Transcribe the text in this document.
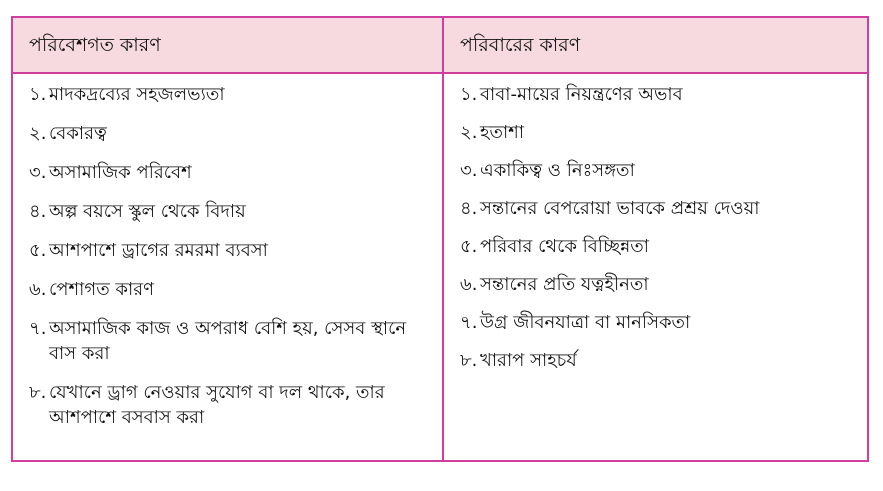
পরিবেশগত কারণ	পরিবারের কারণ
১. মাদকদ্রব্যের সহজলভ্যতা
২. বেকারত্ব
৩. অসামাজিক পরিবেশ
৪. অল্প বয়সে স্কুল থেকে বিদায়
৫. আশপাশে ড্রাগের রমরমা ব্যবসা
৬. পেশাগত কারণ
৭. অসামাজিক কাজ ও অপরাধ বেশি হয়, সেসব স্থানে বাস করা
৮. যেখানে ড্রাগ নেওয়ার সুযোগ বা দল থাকে, তার আশপাশে বসবাস করা
১. বাবা-মায়ের নিয়ন্ত্রণের অভাব
২. হতাশা
৩. একাকিত্ব ও নিঃসঙ্গতা
৪. সন্তানের বেপরোয়া ভাবকে প্রশ্রয় দেওয়া
৫. পরিবার থেকে বিচ্ছিন্নতা
৬. সন্তানের প্রতি যত্নহীনতা
৭. উগ্র জীবনযাত্রা বা মানসিকতা
৮. খারাপ সাহচর্য
